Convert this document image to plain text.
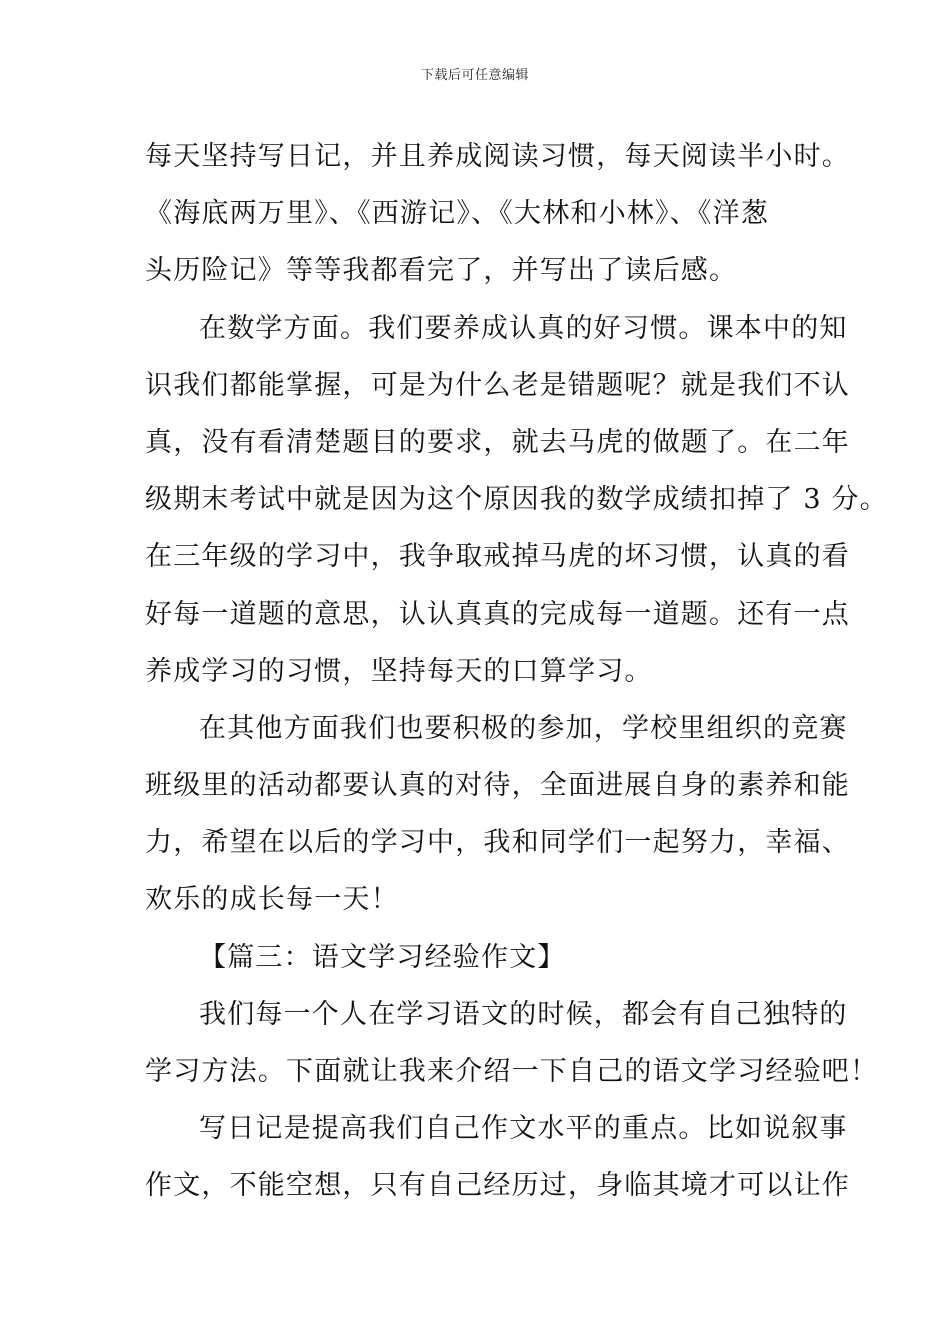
下载后可任意编辑
每天坚持写日记，并且养成阅读习惯，每天阅读半小时。
《海底两万里》、《西游记》、《大林和小林》、《洋葱
头历险记》等等我都看完了，并写出了读后感。
在数学方面。我们要养成认真的好习惯。课本中的知
识我们都能掌握，可是为什么老是错题呢？就是我们不认
真，没有看清楚题目的要求，就去马虎的做题了。在二年
级期末考试中就是因为这个原因我的数学成绩扣掉了 3 分。
在三年级的学习中，我争取戒掉马虎的坏习惯，认真的看
好每一道题的意思，认认真真的完成每一道题。还有一点
养成学习的习惯，坚持每天的口算学习。
在其他方面我们也要积极的参加，学校里组织的竞赛
班级里的活动都要认真的对待，全面进展自身的素养和能
力，希望在以后的学习中，我和同学们一起努力，幸福、
欢乐的成长每一天！
【篇三：语文学习经验作文】
我们每一个人在学习语文的时候，都会有自己独特的
学习方法。下面就让我来介绍一下自己的语文学习经验吧！
写日记是提高我们自己作文水平的重点。比如说叙事
作文，不能空想，只有自己经历过，身临其境才可以让作
